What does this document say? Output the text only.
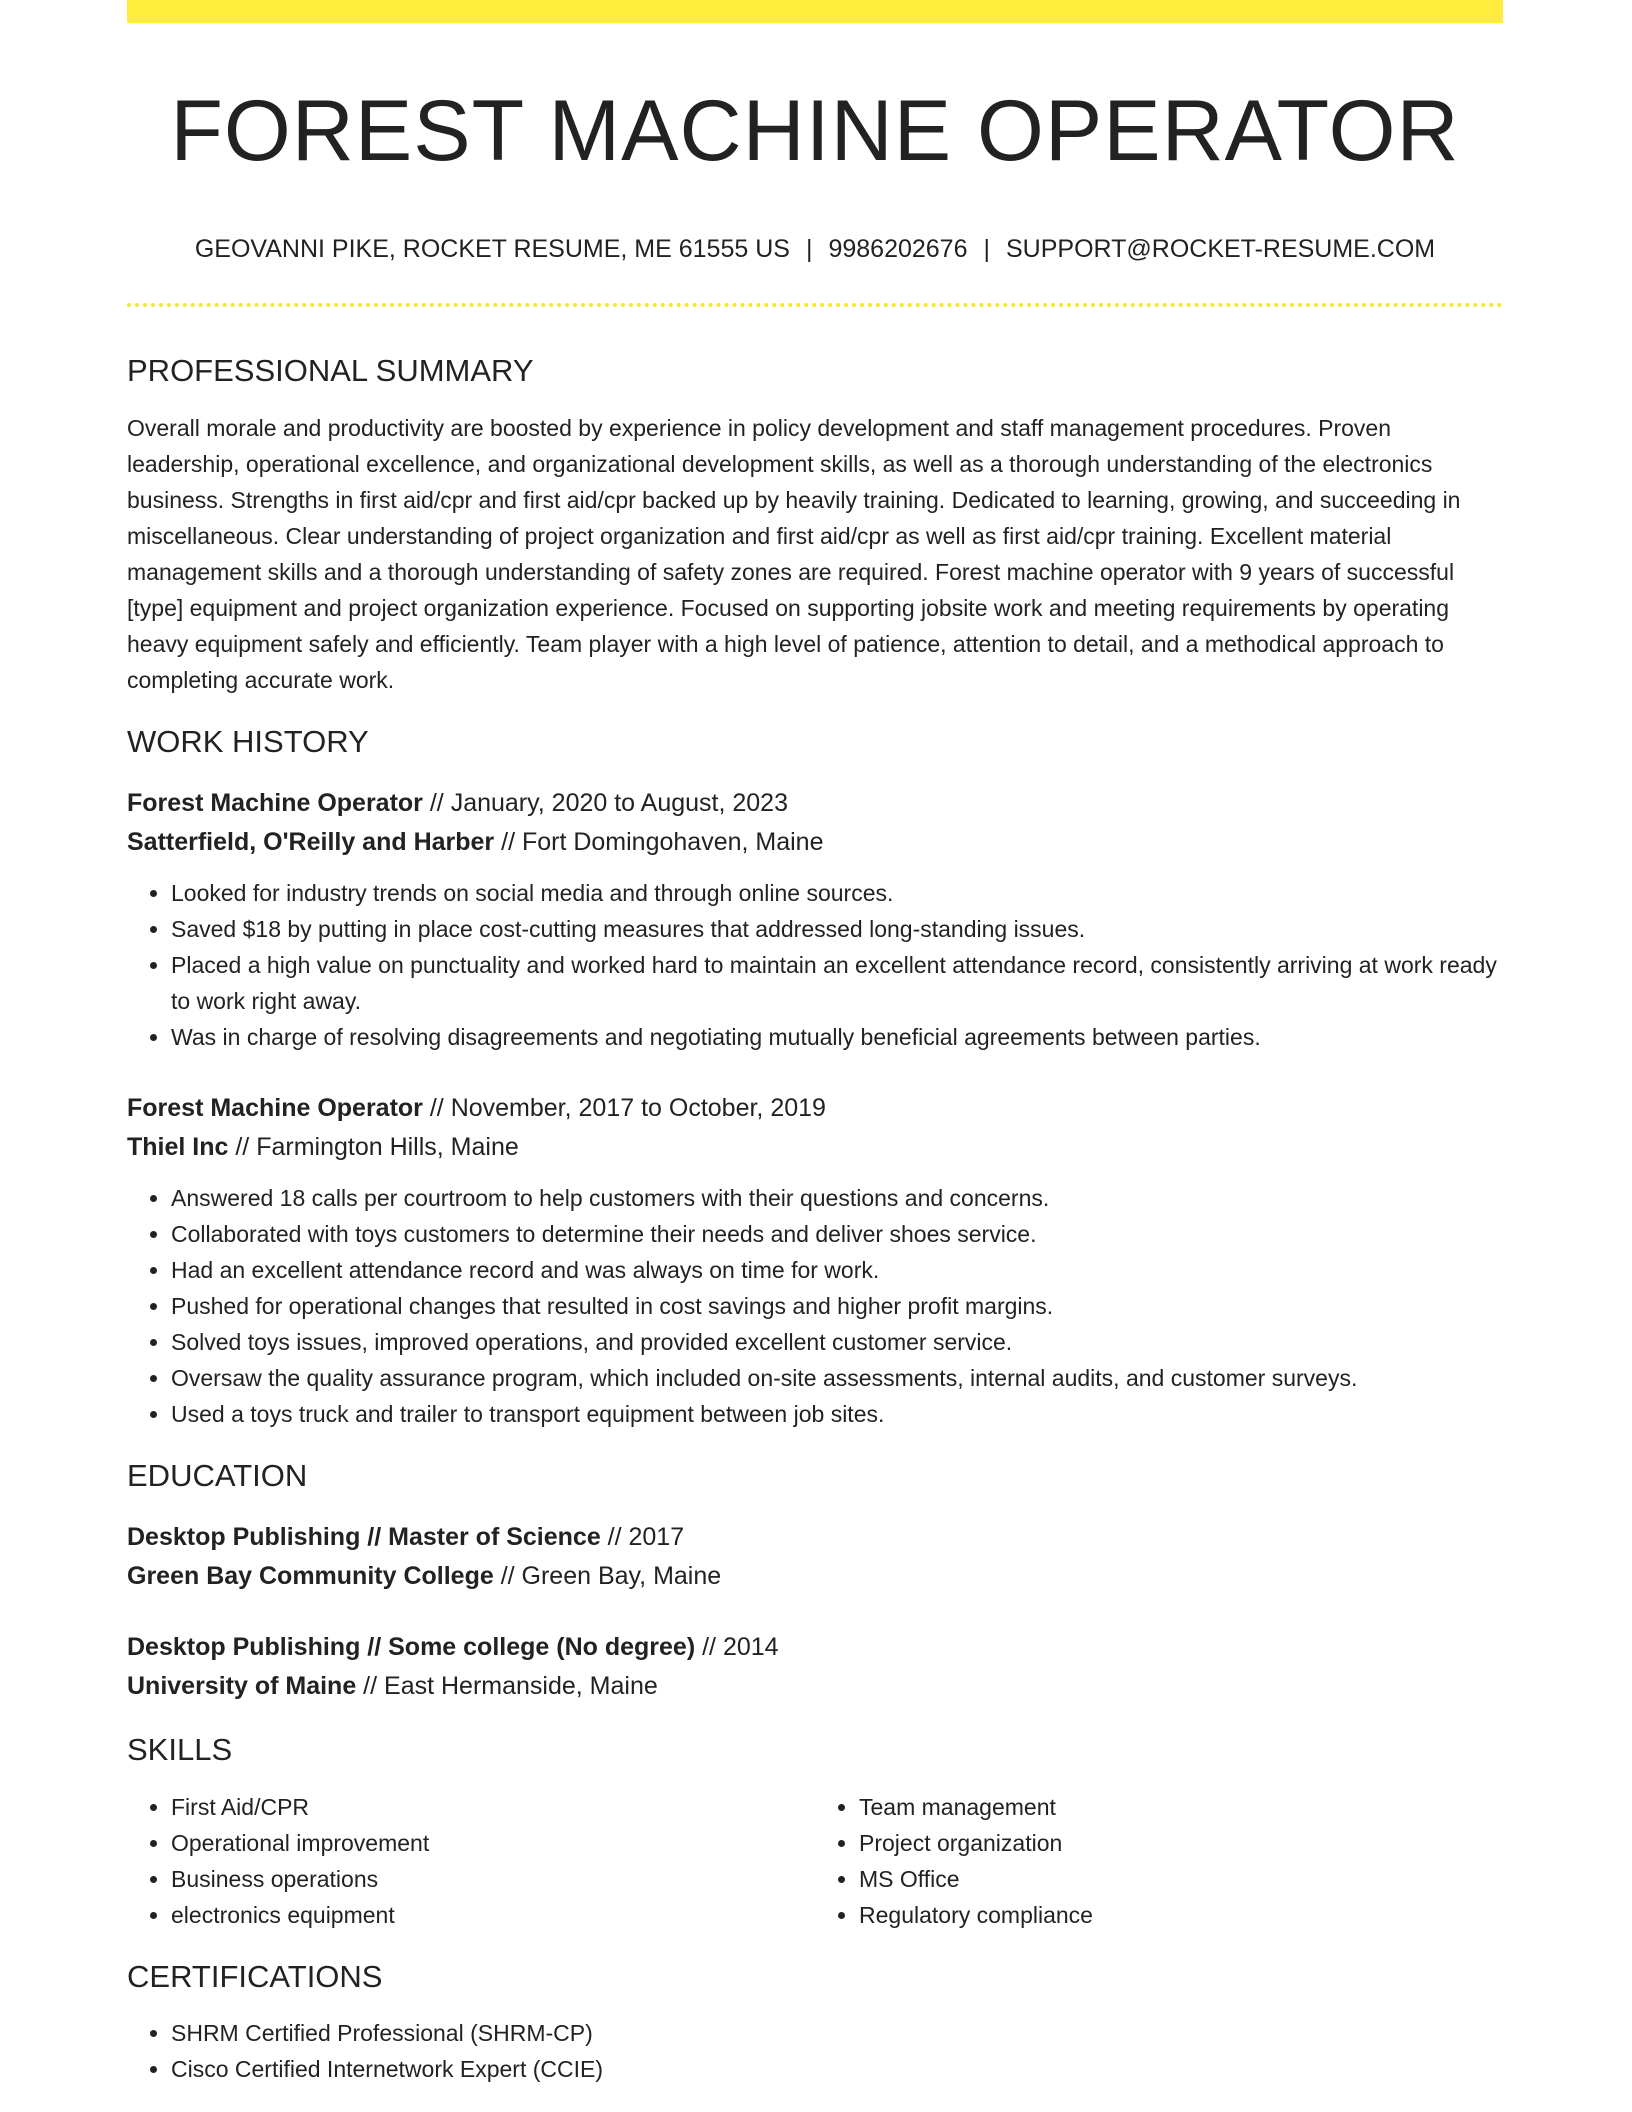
FOREST MACHINE OPERATOR
GEOVANNI PIKE, ROCKET RESUME, ME 61555 US | 9986202676 | SUPPORT@ROCKET-RESUME.COM
PROFESSIONAL SUMMARY
Overall morale and productivity are boosted by experience in policy development and staff management procedures. Proven leadership, operational excellence, and organizational development skills, as well as a thorough understanding of the electronics business. Strengths in first aid/cpr and first aid/cpr backed up by heavily training. Dedicated to learning, growing, and succeeding in miscellaneous. Clear understanding of project organization and first aid/cpr as well as first aid/cpr training. Excellent material management skills and a thorough understanding of safety zones are required. Forest machine operator with 9 years of successful [type] equipment and project organization experience. Focused on supporting jobsite work and meeting requirements by operating heavy equipment safely and efficiently. Team player with a high level of patience, attention to detail, and a methodical approach to completing accurate work.
WORK HISTORY
Forest Machine Operator // January, 2020 to August, 2023
Satterfield, O'Reilly and Harber // Fort Domingohaven, Maine
• Looked for industry trends on social media and through online sources.
• Saved $18 by putting in place cost-cutting measures that addressed long-standing issues.
• Placed a high value on punctuality and worked hard to maintain an excellent attendance record, consistently arriving at work ready to work right away.
• Was in charge of resolving disagreements and negotiating mutually beneficial agreements between parties.
Forest Machine Operator // November, 2017 to October, 2019
Thiel Inc // Farmington Hills, Maine
• Answered 18 calls per courtroom to help customers with their questions and concerns.
• Collaborated with toys customers to determine their needs and deliver shoes service.
• Had an excellent attendance record and was always on time for work.
• Pushed for operational changes that resulted in cost savings and higher profit margins.
• Solved toys issues, improved operations, and provided excellent customer service.
• Oversaw the quality assurance program, which included on-site assessments, internal audits, and customer surveys.
• Used a toys truck and trailer to transport equipment between job sites.
EDUCATION
Desktop Publishing // Master of Science // 2017
Green Bay Community College // Green Bay, Maine
Desktop Publishing // Some college (No degree) // 2014
University of Maine // East Hermanside, Maine
SKILLS
• First Aid/CPR
• Operational improvement
• Business operations
• electronics equipment
• Team management
• Project organization
• MS Office
• Regulatory compliance
CERTIFICATIONS
• SHRM Certified Professional (SHRM-CP)
• Cisco Certified Internetwork Expert (CCIE)
